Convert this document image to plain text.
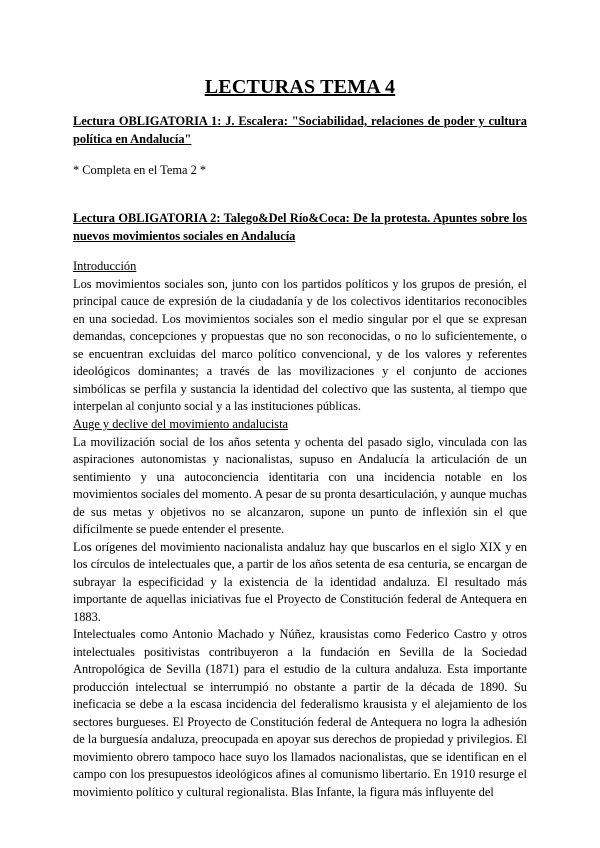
LECTURAS TEMA 4
Lectura OBLIGATORIA 1: J. Escalera: "Sociabilidad, relaciones de poder y cultura política en Andalucía"
* Completa en el Tema 2 *
Lectura OBLIGATORIA 2: Talego&Del Río&Coca: De la protesta. Apuntes sobre los nuevos movimientos sociales en Andalucía

Introducción

Los movimientos sociales son, junto con los partidos políticos y los grupos de presión, el principal cauce de expresión de la ciudadanía y de los colectivos identitarios reconocibles en una sociedad. Los movimientos sociales son el medio singular por el que se expresan demandas, concepciones y propuestas que no son reconocidas, o no lo suficientemente, o se encuentran excluidas del marco político convencional, y de los valores y referentes ideológicos dominantes; a través de las movilizaciones y el conjunto de acciones simbólicas se perfila y sustancia la identidad del colectivo que las sustenta, al tiempo que interpelan al conjunto social y a las instituciones públicas.

Auge y declive del movimiento andalucista

La movilización social de los años setenta y ochenta del pasado siglo, vinculada con las aspiraciones autonomistas y nacionalistas, supuso en Andalucía la articulación de un sentimiento y una autoconciencia identitaria con una incidencia notable en los movimientos sociales del momento. A pesar de su pronta desarticulación, y aunque muchas de sus metas y objetivos no se alcanzaron, supone un punto de inflexión sin el que difícilmente se puede entender el presente.

Los orígenes del movimiento nacionalista andaluz hay que buscarlos en el siglo XIX y en los círculos de intelectuales que, a partir de los años setenta de esa centuria, se encargan de subrayar la especificidad y la existencia de la identidad andaluza. El resultado más importante de aquellas iniciativas fue el Proyecto de Constitución federal de Antequera en 1883.

Intelectuales como Antonio Machado y Núñez, krausistas como Federico Castro y otros intelectuales positivistas contribuyeron a la fundación en Sevilla de la Sociedad Antropológica de Sevilla (1871) para el estudio de la cultura andaluza. Esta importante producción intelectual se interrumpió no obstante a partir de la década de 1890. Su ineficacia se debe a la escasa incidencia del federalismo krausista y el alejamiento de los sectores burgueses. El Proyecto de Constitución federal de Antequera no logra la adhesión de la burguesía andaluza, preocupada en apoyar sus derechos de propiedad y privilegios. El movimiento obrero tampoco hace suyo los llamados nacionalistas, que se identifican en el campo con los presupuestos ideológicos afines al comunismo libertario. En 1910 resurge el movimiento político y cultural regionalista. Blas Infante, la figura más influyente del
